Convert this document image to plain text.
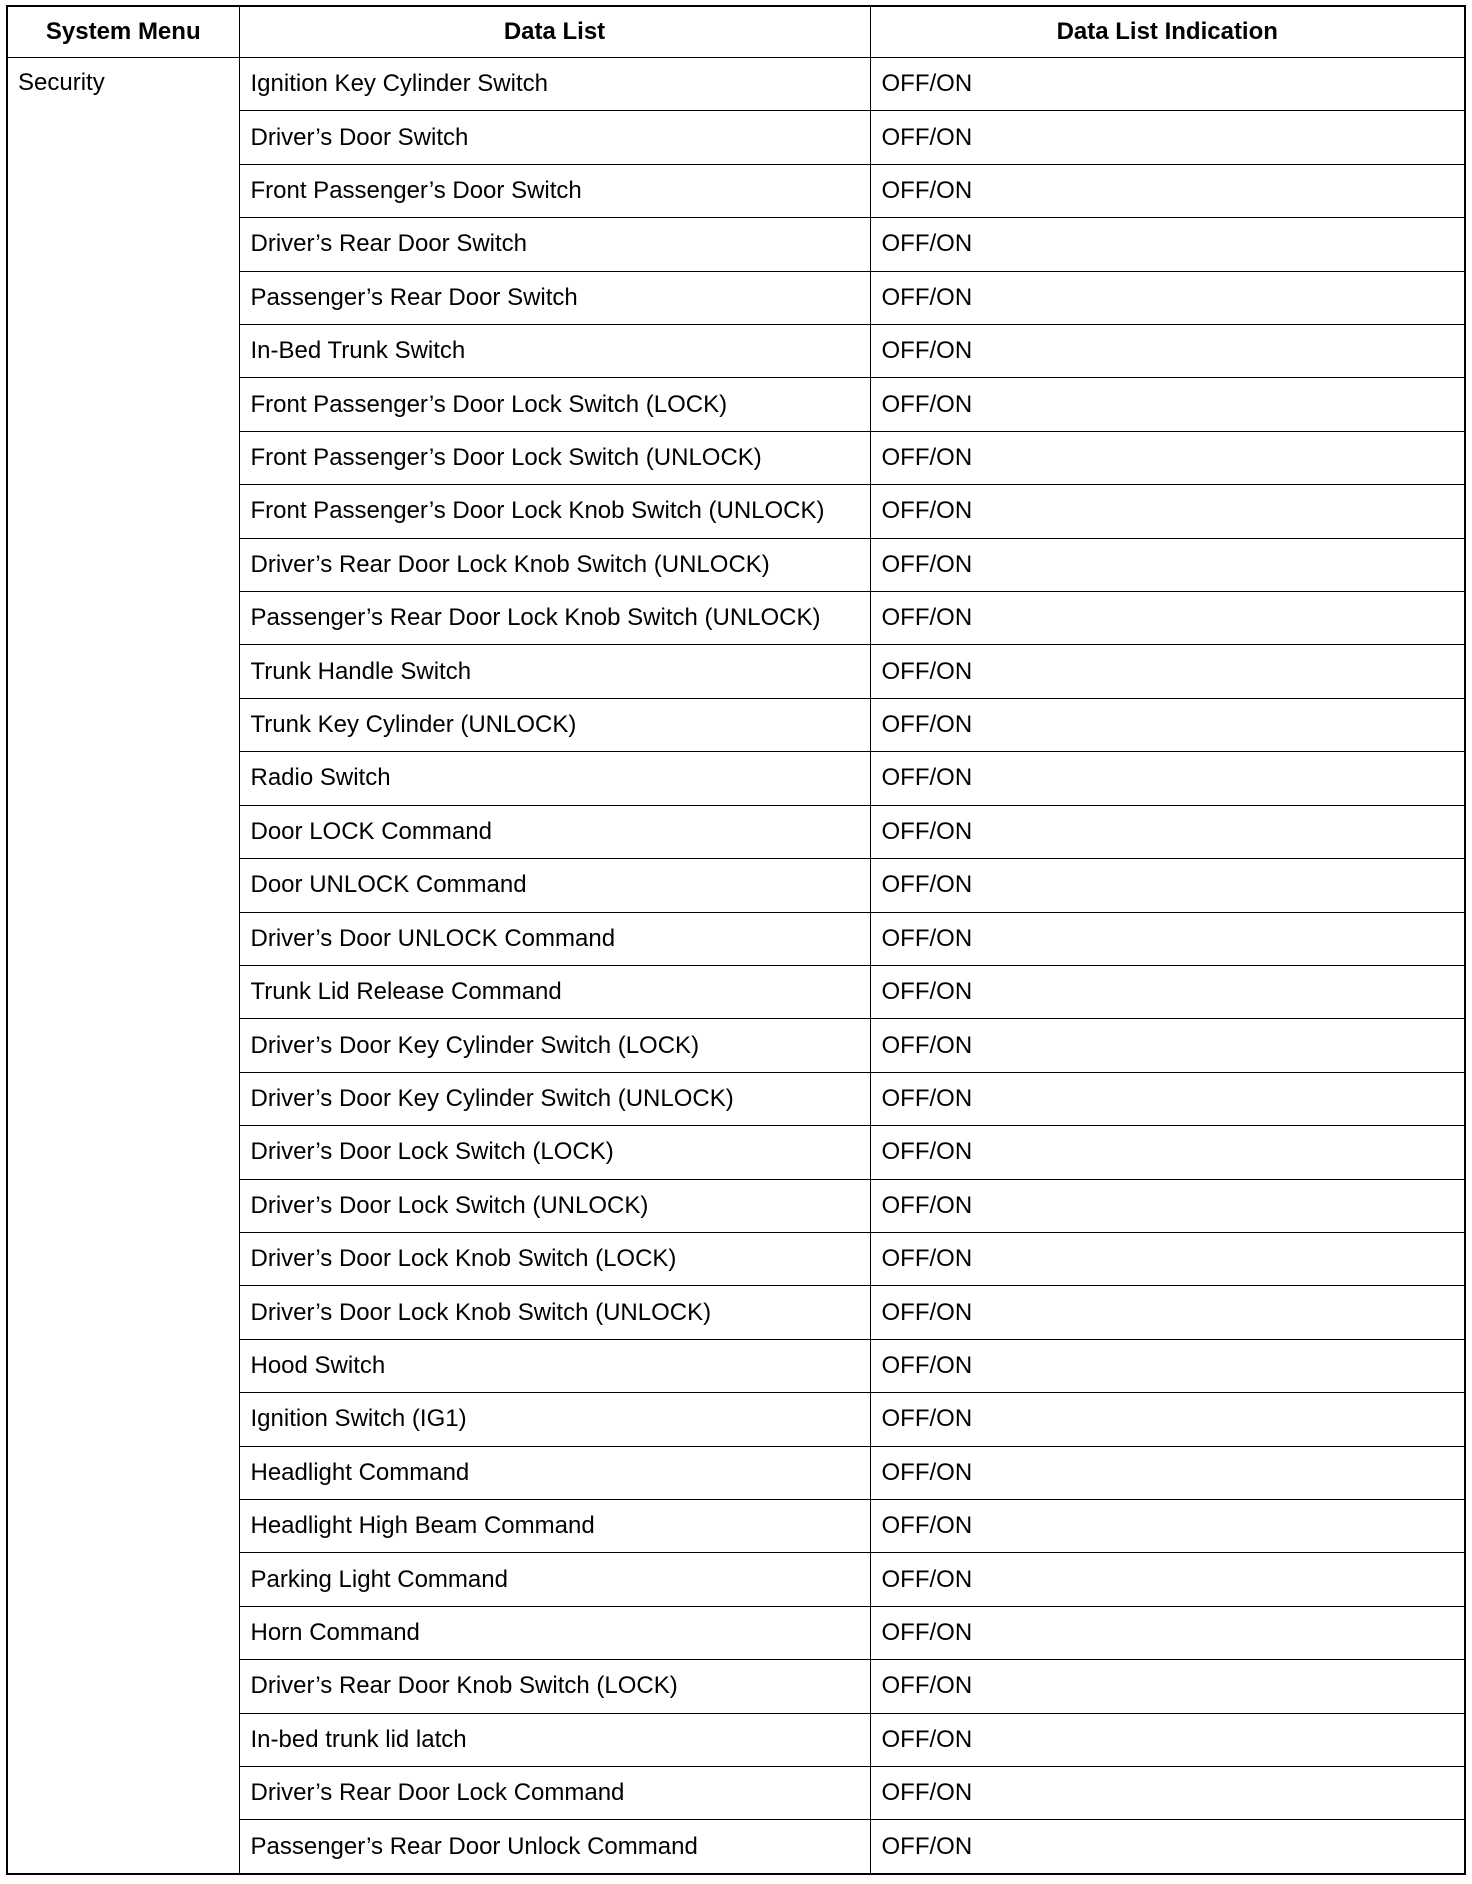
System Menu	Data List	Data List Indication
Security	Ignition Key Cylinder Switch	OFF/ON
	Driver’s Door Switch	OFF/ON
	Front Passenger’s Door Switch	OFF/ON
	Driver’s Rear Door Switch	OFF/ON
	Passenger’s Rear Door Switch	OFF/ON
	In-Bed Trunk Switch	OFF/ON
	Front Passenger’s Door Lock Switch (LOCK)	OFF/ON
	Front Passenger’s Door Lock Switch (UNLOCK)	OFF/ON
	Front Passenger’s Door Lock Knob Switch (UNLOCK)	OFF/ON
	Driver’s Rear Door Lock Knob Switch (UNLOCK)	OFF/ON
	Passenger’s Rear Door Lock Knob Switch (UNLOCK)	OFF/ON
	Trunk Handle Switch	OFF/ON
	Trunk Key Cylinder (UNLOCK)	OFF/ON
	Radio Switch	OFF/ON
	Door LOCK Command	OFF/ON
	Door UNLOCK Command	OFF/ON
	Driver’s Door UNLOCK Command	OFF/ON
	Trunk Lid Release Command	OFF/ON
	Driver’s Door Key Cylinder Switch (LOCK)	OFF/ON
	Driver’s Door Key Cylinder Switch (UNLOCK)	OFF/ON
	Driver’s Door Lock Switch (LOCK)	OFF/ON
	Driver’s Door Lock Switch (UNLOCK)	OFF/ON
	Driver’s Door Lock Knob Switch (LOCK)	OFF/ON
	Driver’s Door Lock Knob Switch (UNLOCK)	OFF/ON
	Hood Switch	OFF/ON
	Ignition Switch (IG1)	OFF/ON
	Headlight Command	OFF/ON
	Headlight High Beam Command	OFF/ON
	Parking Light Command	OFF/ON
	Horn Command	OFF/ON
	Driver’s Rear Door Knob Switch (LOCK)	OFF/ON
	In-bed trunk lid latch	OFF/ON
	Driver’s Rear Door Lock Command	OFF/ON
	Passenger’s Rear Door Unlock Command	OFF/ON
